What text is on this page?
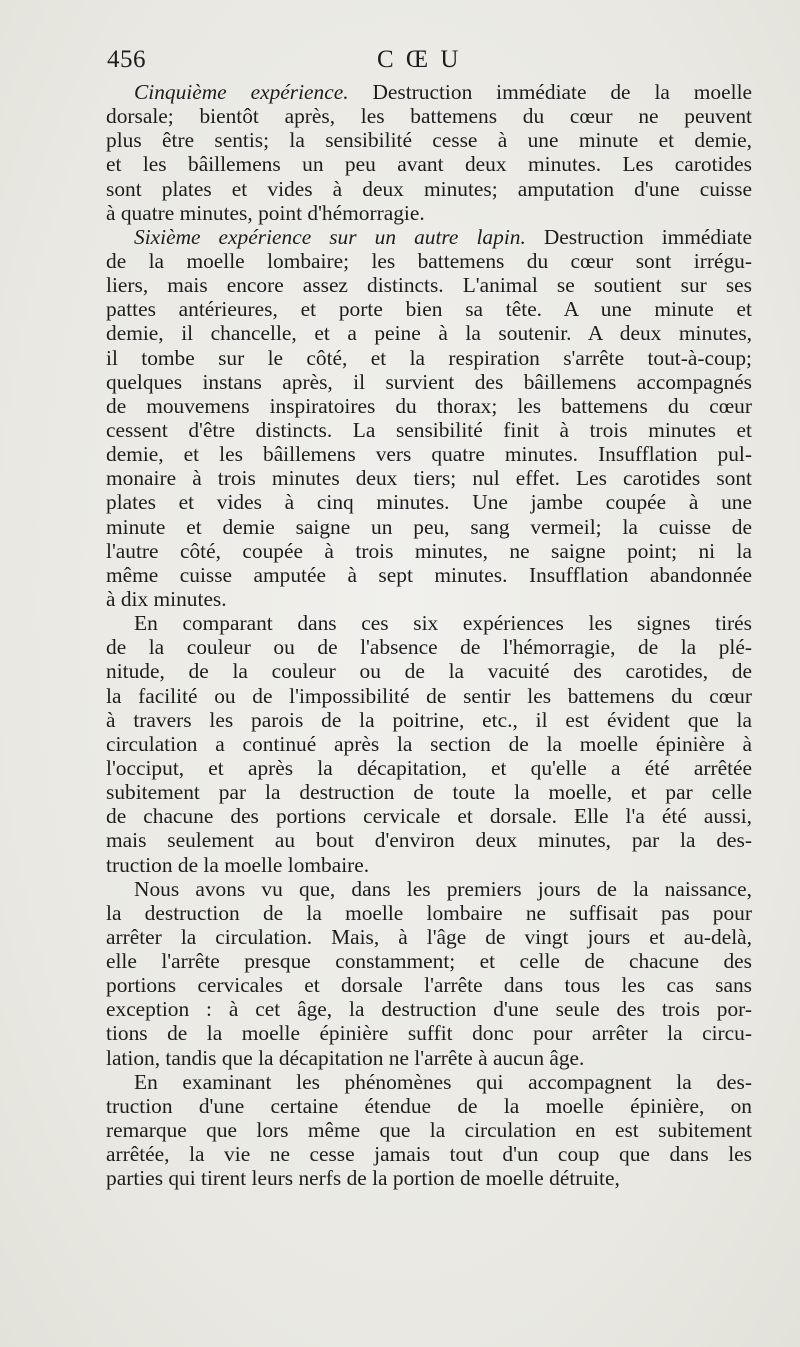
456	C Œ U
Cinquième expérience. Destruction immédiate de la moelle
dorsale; bientôt après, les battemens du cœur ne peuvent
plus être sentis; la sensibilité cesse à une minute et demie,
et les bâillemens un peu avant deux minutes. Les carotides
sont plates et vides à deux minutes; amputation d'une cuisse
à quatre minutes, point d'hémorragie.
Sixième expérience sur un autre lapin. Destruction immédiate
de la moelle lombaire; les battemens du cœur sont irrégu-
liers, mais encore assez distincts. L'animal se soutient sur ses
pattes antérieures, et porte bien sa tête. A une minute et
demie, il chancelle, et a peine à la soutenir. A deux minutes,
il tombe sur le côté, et la respiration s'arrête tout-à-coup;
quelques instans après, il survient des bâillemens accompagnés
de mouvemens inspiratoires du thorax; les battemens du cœur
cessent d'être distincts. La sensibilité finit à trois minutes et
demie, et les bâillemens vers quatre minutes. Insufflation pul-
monaire à trois minutes deux tiers; nul effet. Les carotides sont
plates et vides à cinq minutes. Une jambe coupée à une
minute et demie saigne un peu, sang vermeil; la cuisse de
l'autre côté, coupée à trois minutes, ne saigne point; ni la
même cuisse amputée à sept minutes. Insufflation abandonnée
à dix minutes.
En comparant dans ces six expériences les signes tirés
de la couleur ou de l'absence de l'hémorragie, de la plé-
nitude, de la couleur ou de la vacuité des carotides, de
la facilité ou de l'impossibilité de sentir les battemens du cœur
à travers les parois de la poitrine, etc., il est évident que la
circulation a continué après la section de la moelle épinière à
l'occiput, et après la décapitation, et qu'elle a été arrêtée
subitement par la destruction de toute la moelle, et par celle
de chacune des portions cervicale et dorsale. Elle l'a été aussi,
mais seulement au bout d'environ deux minutes, par la des-
truction de la moelle lombaire.
Nous avons vu que, dans les premiers jours de la naissance,
la destruction de la moelle lombaire ne suffisait pas pour
arrêter la circulation. Mais, à l'âge de vingt jours et au-delà,
elle l'arrête presque constamment; et celle de chacune des
portions cervicales et dorsale l'arrête dans tous les cas sans
exception : à cet âge, la destruction d'une seule des trois por-
tions de la moelle épinière suffit donc pour arrêter la circu-
lation, tandis que la décapitation ne l'arrête à aucun âge.
En examinant les phénomènes qui accompagnent la des-
truction d'une certaine étendue de la moelle épinière, on
remarque que lors même que la circulation en est subitement
arrêtée, la vie ne cesse jamais tout d'un coup que dans les
parties qui tirent leurs nerfs de la portion de moelle détruite,
